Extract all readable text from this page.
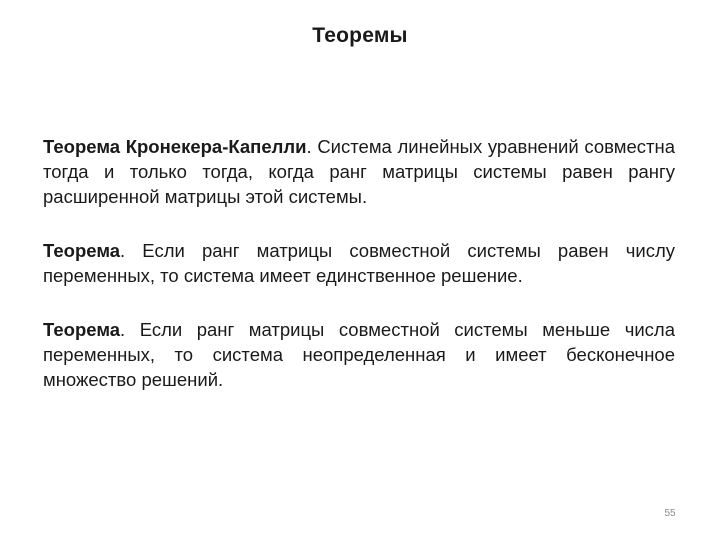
Теоремы

Теорема Кронекера-Капелли. Система линейных уравнений совместна тогда и только тогда, когда ранг матрицы системы равен рангу расширенной матрицы этой системы.

Теорема. Если ранг матрицы совместной системы равен числу переменных, то система имеет единственное решение.

Теорема. Если ранг матрицы совместной системы меньше числа переменных, то система неопределенная и имеет бесконечное множество решений.

55
